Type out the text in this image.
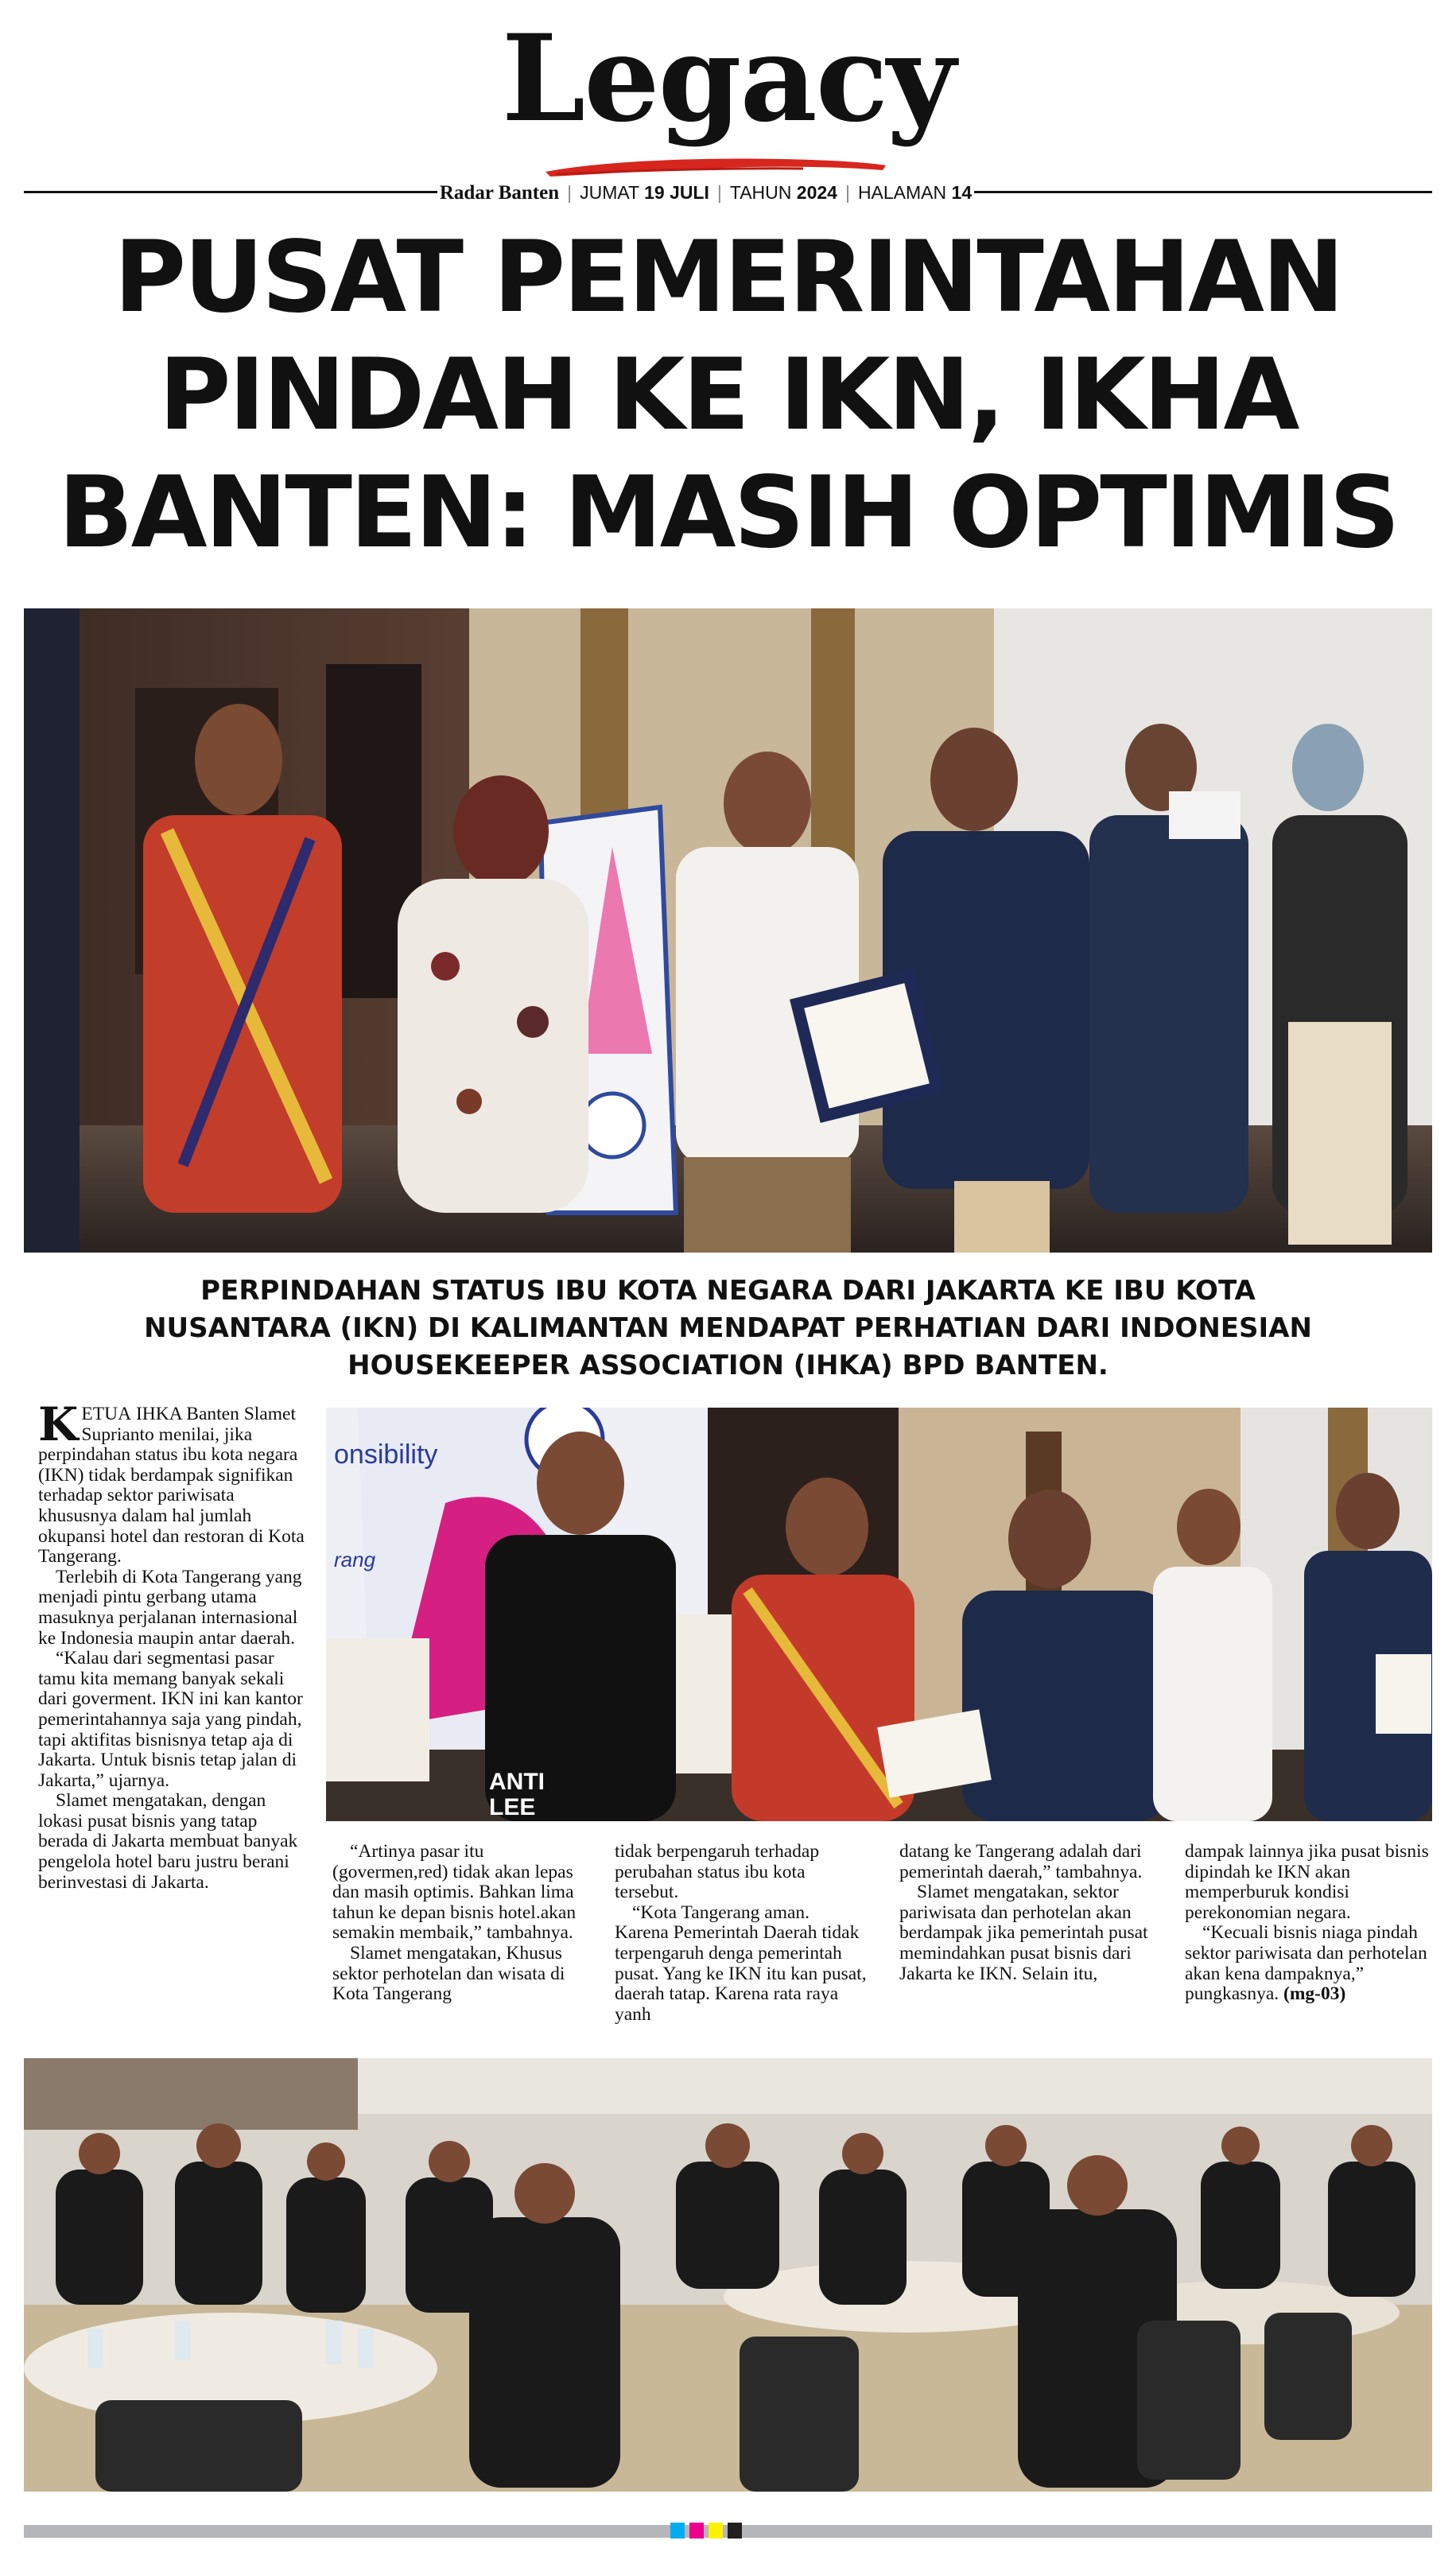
Legacy
Radar Banten | JUMAT 19 JULI | TAHUN 2024 | HALAMAN 14
PUSAT PEMERINTAHAN
PINDAH KE IKN, IKHA
BANTEN: MASIH OPTIMIS
PERPINDAHAN STATUS IBU KOTA NEGARA DARI JAKARTA KE IBU KOTA
NUSANTARA (IKN) DI KALIMANTAN MENDAPAT PERHATIAN DARI INDONESIAN
HOUSEKEEPER ASSOCIATION (IHKA) BPD BANTEN.

KETUA IHKA Banten Slamet Supriantо menilai, jika perpindahan status ibu kota negara (IKN) tidak berdampak signifikan terhadap sektor pariwisata khususnya dalam hal jumlah okupansi hotel dan restoran di Kota Tangerang.

Terlebih di Kota Tangerang yang menjadi pintu gerbang utama masuknya perjalanan internasional ke Indonesia maupin antar daerah.

“Kalau dari segmentasi pasar tamu kita memang banyak sekali dari goverment. IKN ini kan kantor pemerintahannya saja yang pindah, tapi aktifitas bisnisnya tetap aja di Jakarta. Untuk bisnis tetap jalan di Jakarta,” ujarnya.

Slamet mengatakan, dengan lokasi pusat bisnis yang tatap berada di Jakarta membuat banyak pengelola hotel baru justru berani berinvestasi di Jakarta.

onsibility
rang
ANTI
LEE

“Artinya pasar itu (govermen,red) tidak akan lepas dan masih optimis. Bahkan lima tahun ke depan bisnis hotel.akan semakin membaik,” tambahnya.

Slamet mengatakan, Khusus sektor perhotelan dan wisata di Kota Tangerang

tidak berpengaruh terhadap perubahan status ibu kota tersebut.

“Kota Tangerang aman. Karena Pemerintah Daerah tidak terpengaruh denga pemerintah pusat. Yang ke IKN itu kan pusat, daerah tatap. Karena rata raya yanh

datang ke Tangerang adalah dari pemerintah daerah,” tambahnya.

Slamet mengatakan, sektor pariwisata dan perhotelan akan berdampak jika pemerintah pusat memindahkan pusat bisnis dari Jakarta ke IKN. Selain itu,

dampak lainnya jika pusat bisnis dipindah ke IKN akan memperburuk kondisi perekonomian negara.

“Kecuali bisnis niaga pindah sektor pariwisata dan perhotelan akan kena dampaknya,” pungkasnya. (mg-03)
